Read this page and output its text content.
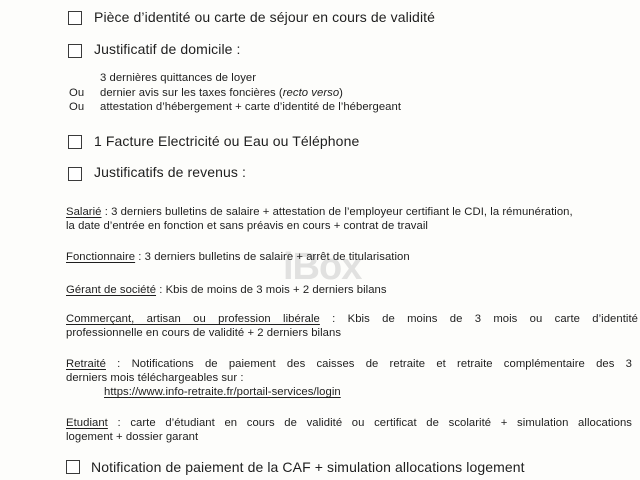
iBox
Pièce d’identité ou carte de séjour en cours de validité
Justificatif de domicile :
3 dernières quittances de loyer
Ou dernier avis sur les taxes foncières (recto verso)
Ou attestation d’hébergement + carte d’identité de l’hébergeant
1 Facture Electricité ou Eau ou Téléphone
Justificatifs de revenus :
Salarié : 3 derniers bulletins de salaire + attestation de l’employeur certifiant le CDI, la rémunération,
la date d’entrée en fonction et sans préavis en cours + contrat de travail
Fonctionnaire : 3 derniers bulletins de salaire + arrêt de titularisation
Gérant de société : Kbis de moins de 3 mois + 2 derniers bilans
Commerçant, artisan ou profession libérale : Kbis de moins de 3 mois ou carte d’identité
professionnelle en cours de validité + 2 derniers bilans
Retraité : Notifications de paiement des caisses de retraite et retraite complémentaire des 3
derniers mois téléchargeables sur :
https://www.info-retraite.fr/portail-services/login
Etudiant : carte d’étudiant en cours de validité ou certificat de scolarité + simulation allocations
logement + dossier garant
Notification de paiement de la CAF + simulation allocations logement
